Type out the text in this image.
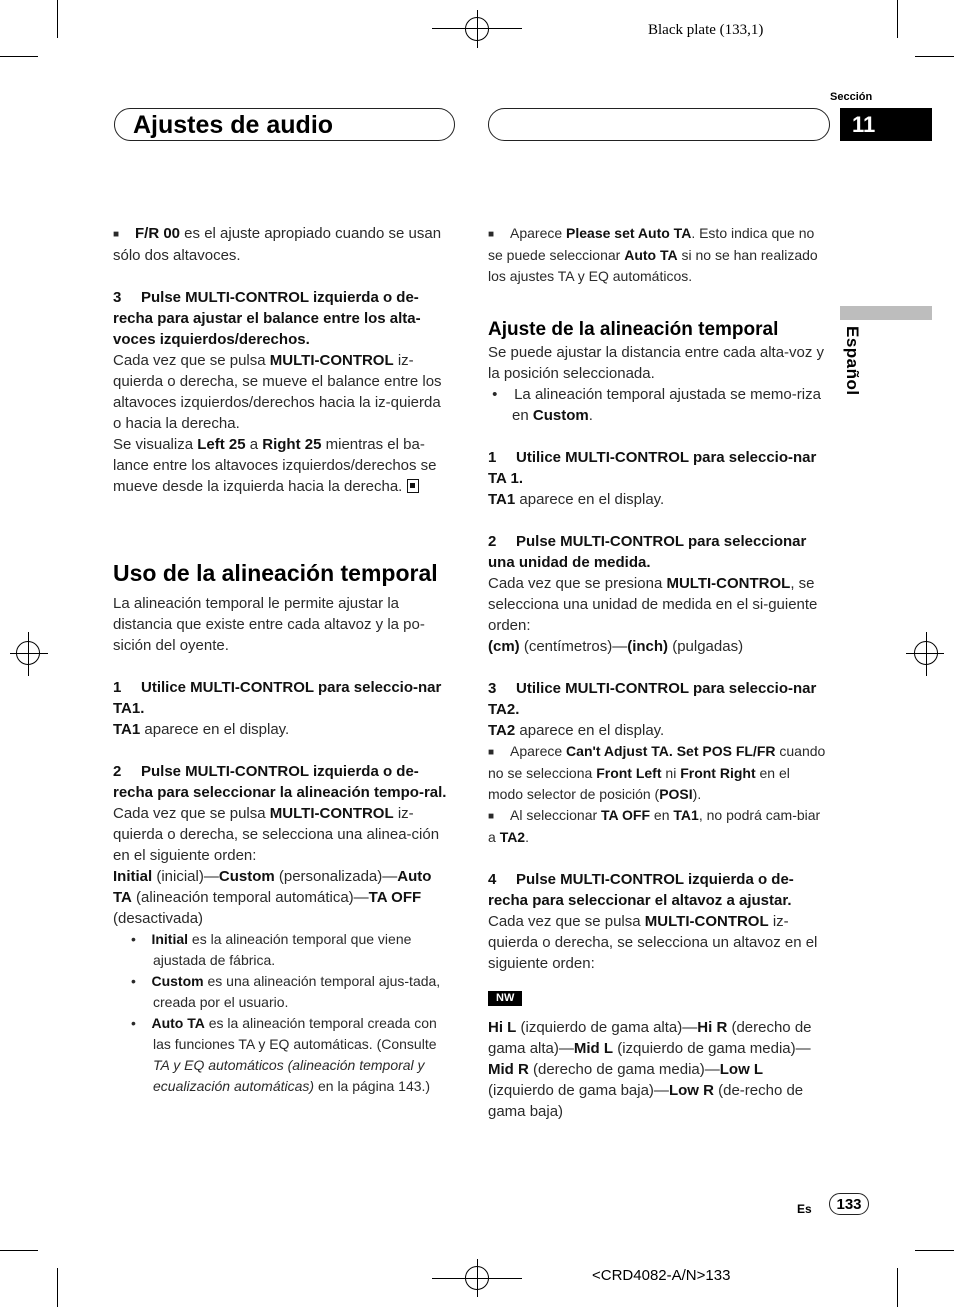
Black plate (133,1)
Ajustes de audio
Sección
11
Español

■ F/R 00 es el ajuste apropiado cuando se usan sólo dos altavoces.

3 Pulse MULTI-CONTROL izquierda o de-recha para ajustar el balance entre los alta-voces izquierdos/derechos.

Cada vez que se pulsa MULTI-CONTROL iz-quierda o derecha, se mueve el balance entre los altavoces izquierdos/derechos hacia la iz-quierda o hacia la derecha.

Se visualiza Left 25 a Right 25 mientras el ba-lance entre los altavoces izquierdos/derechos se mueve desde la izquierda hacia la derecha.

Uso de la alineación temporal

La alineación temporal le permite ajustar la distancia que existe entre cada altavoz y la po-sición del oyente.

1 Utilice MULTI-CONTROL para seleccio-nar TA1.

TA1 aparece en el display.

2 Pulse MULTI-CONTROL izquierda o de-recha para seleccionar la alineación tempo-ral.

Cada vez que se pulsa MULTI-CONTROL iz-quierda o derecha, se selecciona una alinea-ción en el siguiente orden:

Initial (inicial)—Custom (personalizada)—Auto TA (alineación temporal automática)—TA OFF (desactivada)

•    Initial es la alineación temporal que viene ajustada de fábrica.

•    Custom es una alineación temporal ajus-tada, creada por el usuario.

•    Auto TA es la alineación temporal creada con las funciones TA y EQ automáticas. (Consulte TA y EQ automáticos (alineación temporal y ecualización automáticas) en la página 143.)

■ Aparece Please set Auto TA. Esto indica que no se puede seleccionar Auto TA si no se han realizado los ajustes TA y EQ automáticos.

Ajuste de la alineación temporal

Se puede ajustar la distancia entre cada alta-voz y la posición seleccionada.

•    La alineación temporal ajustada se memo-riza en Custom.

1 Utilice MULTI-CONTROL para seleccio-nar TA 1.

TA1 aparece en el display.

2 Pulse MULTI-CONTROL para seleccionar una unidad de medida.

Cada vez que se presiona MULTI-CONTROL, se selecciona una unidad de medida en el si-guiente orden:

(cm) (centímetros)—(inch) (pulgadas)

3 Utilice MULTI-CONTROL para seleccio-nar TA2.

TA2 aparece en el display.

■ Aparece Can't Adjust TA. Set POS FL/FR cuando no se selecciona Front Left ni Front Right en el modo selector de posición (POSI).

■ Al seleccionar TA OFF en TA1, no podrá cam-biar a TA2.

4 Pulse MULTI-CONTROL izquierda o de-recha para seleccionar el altavoz a ajustar.

Cada vez que se pulsa MULTI-CONTROL iz-quierda o derecha, se selecciona un altavoz en el siguiente orden:

NW

Hi L (izquierdo de gama alta)—Hi R (derecho de gama alta)—Mid L (izquierdo de gama media)—Mid R (derecho de gama media)—Low L (izquierdo de gama baja)—Low R (de-recho de gama baja)

Es	133
<CRD4082-A/N>133
